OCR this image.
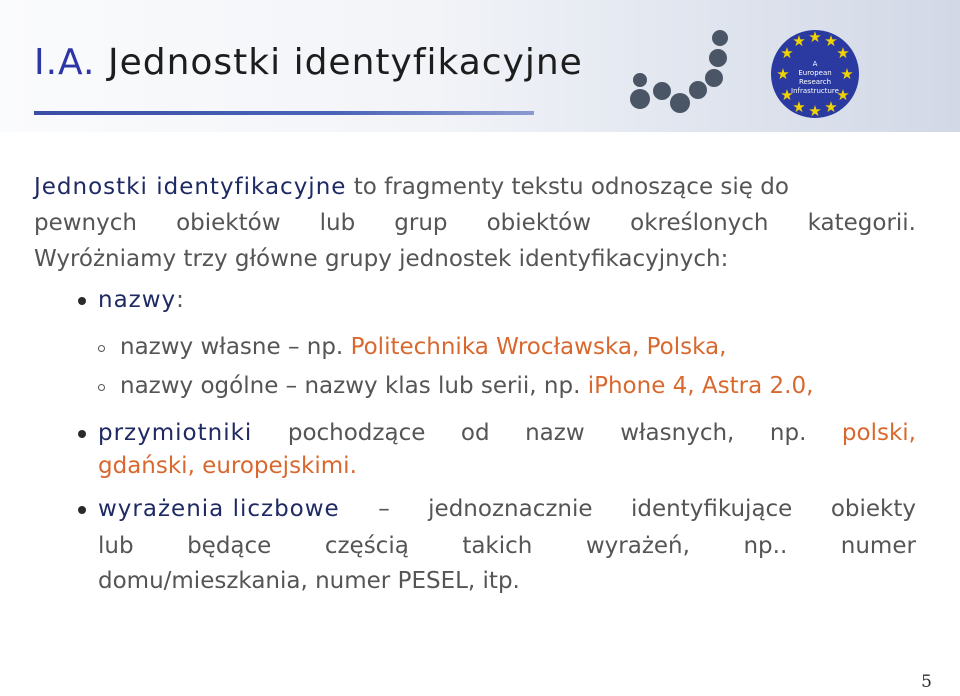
I.A. Jednostki identyfikacyjne
★ ★
★
★
★
★
★
★
★
★
★
★
A
European
Research
Infrastructure
Jednostki identyfikacyjne to fragmenty tekstu odnoszące się do
pewnych obiektów lub grup obiektów określonych kategorii.
Wyróżniamy trzy główne grupy jednostek identyfikacyjnych:
nazwy:
nazwy własne – np. Politechnika Wrocławska, Polska,
nazwy ogólne – nazwy klas lub serii, np. iPhone 4, Astra 2.0,
przymiotniki pochodzące od nazw własnych, np. polski,
gdański, europejskimi.
wyrażenia liczbowe – jednoznacznie identyfikujące obiekty
lub będące częścią takich wyrażeń, np.. numer
domu/mieszkania, numer PESEL, itp.
5
